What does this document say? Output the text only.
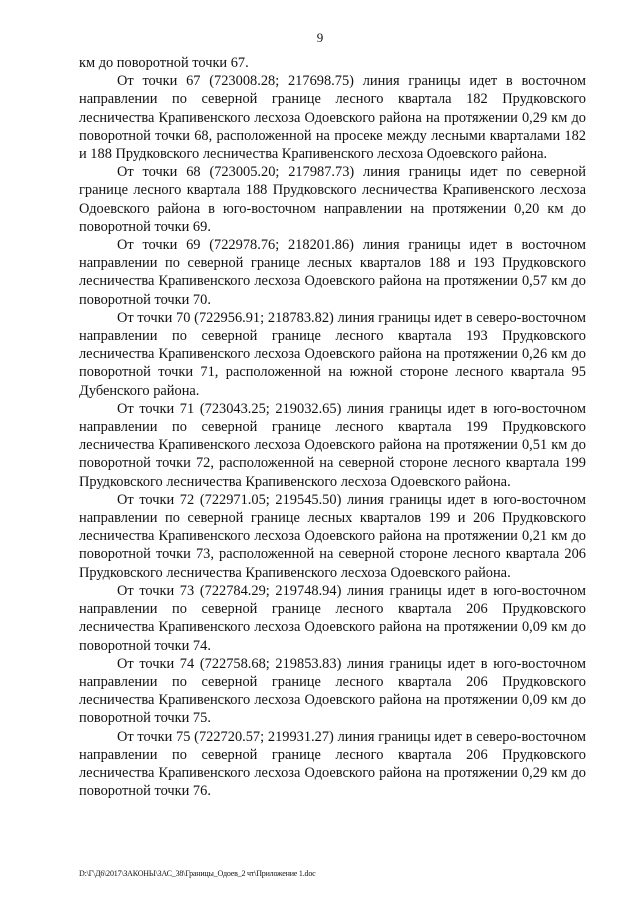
9

км до поворотной точки 67.

От точки 67 (723008.28; 217698.75) линия границы идет в восточном направлении по северной границе лесного квартала 182 Прудковского лесничества Крапивенского лесхоза Одоевского района на протяжении 0,29 км до поворотной точки 68, расположенной на просеке между лесными кварталами 182 и 188 Прудковского лесничества Крапивенского лесхоза Одоевского района.

От точки 68 (723005.20; 217987.73) линия границы идет по северной границе лесного квартала 188 Прудковского лесничества Крапивенского лесхоза Одоевского района в юго-восточном направлении на протяжении 0,20 км до поворотной точки 69.

От точки 69 (722978.76; 218201.86) линия границы идет в восточном направлении по северной границе лесных кварталов 188 и 193 Прудковского лесничества Крапивенского лесхоза Одоевского района на протяжении 0,57 км до поворотной точки 70.

От точки 70 (722956.91; 218783.82) линия границы идет в северо-восточном направлении по северной границе лесного квартала 193 Прудковского лесничества Крапивенского лесхоза Одоевского района на протяжении 0,26 км до поворотной точки 71, расположенной на южной стороне лесного квартала 95 Дубенского района.

От точки 71 (723043.25; 219032.65) линия границы идет в юго-восточном направлении по северной границе лесного квартала 199 Прудковского лесничества Крапивенского лесхоза Одоевского района на протяжении 0,51 км до поворотной точки 72, расположенной на северной стороне лесного квартала 199 Прудковского лесничества Крапивенского лесхоза Одоевского района.

От точки 72 (722971.05; 219545.50) линия границы идет в юго-восточном направлении по северной границе лесных кварталов 199 и 206 Прудковского лесничества Крапивенского лесхоза Одоевского района на протяжении 0,21 км до поворотной точки 73, расположенной на северной стороне лесного квартала 206 Прудковского лесничества Крапивенского лесхоза Одоевского района.

От точки 73 (722784.29; 219748.94) линия границы идет в юго-восточном направлении по северной границе лесного квартала 206 Прудковского лесничества Крапивенского лесхоза Одоевского района на протяжении 0,09 км до поворотной точки 74.

От точки 74 (722758.68; 219853.83) линия границы идет в юго-восточном направлении по северной границе лесного квартала 206 Прудковского лесничества Крапивенского лесхоза Одоевского района на протяжении 0,09 км до поворотной точки 75.

От точки 75 (722720.57; 219931.27) линия границы идет в северо-восточном направлении по северной границе лесного квартала 206 Прудковского лесничества Крапивенского лесхоза Одоевского района на протяжении 0,29 км до поворотной точки 76.

D:\Г\Д6\2017\ЗАКОНЫ\ЗАС_38\Границы_Одоев_2 чт\Приложение 1.doc
